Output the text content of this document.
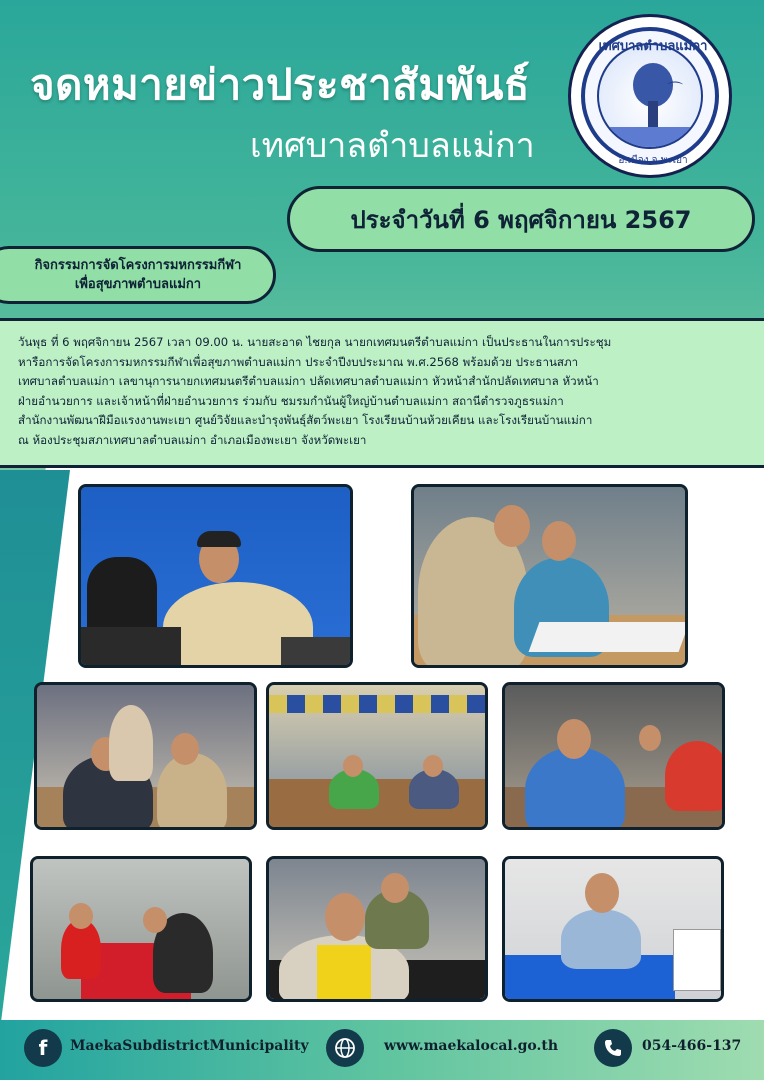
จดหมายข่าวประชาสัมพันธ์
เทศบาลตำบลแม่กา
⌒
เทศบาลตำบลแม่กา
อ.เมือง จ.พะเยา
ประจำวันที่ 6 พฤศจิกายน 2567
กิจกรรมการจัดโครงการมหกรรมกีฬา
เพื่อสุขภาพตำบลแม่กา

วันพุธ ที่ 6 พฤศจิกายน 2567 เวลา 09.00 น. นายสะอาด ไชยกุล นายกเทศมนตรีตำบลแม่กา เป็นประธานในการประชุม

หารือการจัดโครงการมหกรรมกีฬาเพื่อสุขภาพตำบลแม่กา ประจำปีงบประมาณ พ.ศ.2568 พร้อมด้วย ประธานสภา

เทศบาลตำบลแม่กา เลขานุการนายกเทศมนตรีตำบลแม่กา ปลัดเทศบาลตำบลแม่กา หัวหน้าสำนักปลัดเทศบาล หัวหน้า

ฝ่ายอำนวยการ และเจ้าหน้าที่ฝ่ายอำนวยการ ร่วมกับ ชมรมกำนันผู้ใหญ่บ้านตำบลแม่กา สถานีตำรวจภูธรแม่กา

สำนักงานพัฒนาฝีมือแรงงานพะเยา ศูนย์วิจัยและบำรุงพันธุ์สัตว์พะเยา โรงเรียนบ้านห้วยเคียน และโรงเรียนบ้านแม่กา

ณ ห้องประชุมสภาเทศบาลตำบลแม่กา อำเภอเมืองพะเยา จังหวัดพะเยา

f	MaekaSubdistrictMunicipality	www.maekalocal.go.th	054-466-137
